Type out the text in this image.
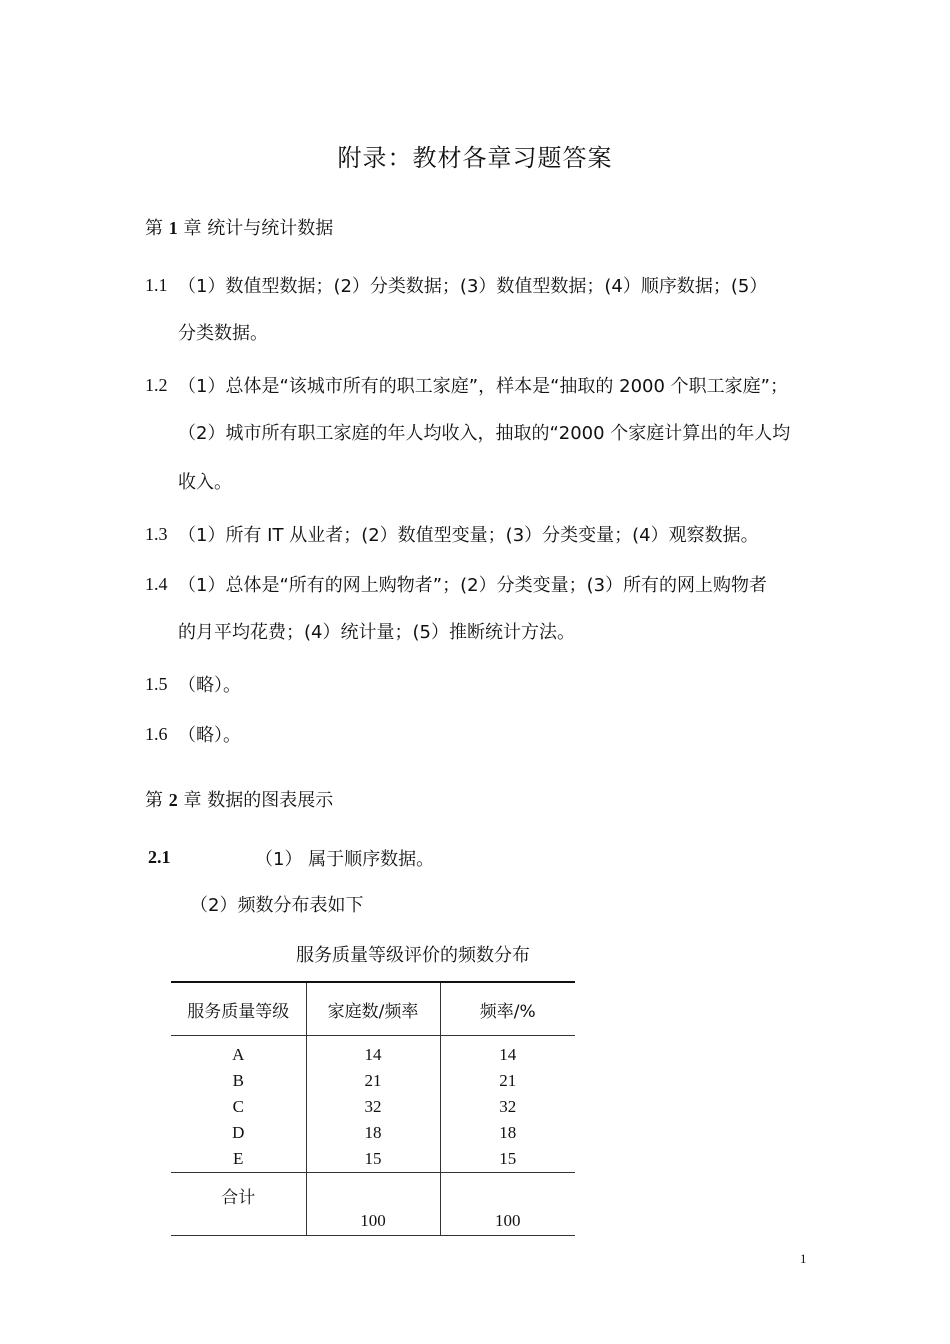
附录：教材各章习题答案
第 1 章 统计与统计数据
1.1 （1）数值型数据；(2）分类数据；(3）数值型数据；(4）顺序数据；(5）
分类数据。
1.2 （1）总体是“该城市所有的职工家庭”，样本是“抽取的 2000 个职工家庭”；
（2）城市所有职工家庭的年人均收入，抽取的“2000 个家庭计算出的年人均
收入。
1.3 （1）所有 IT 从业者；(2）数值型变量；(3）分类变量；(4）观察数据。
1.4 （1）总体是“所有的网上购物者”；(2）分类变量；(3）所有的网上购物者
的月平均花费；(4）统计量；(5）推断统计方法。
1.5 （略）。
1.6 （略）。
第 2 章 数据的图表展示
2.1	（1） 属于顺序数据。
（2）频数分布表如下
服务质量等级评价的频数分布
服务质量等级	家庭数/频率	频率/%
A	14	14
B	21	21
C	32	32
D	18	18
E	15	15
合计	100	100
1
